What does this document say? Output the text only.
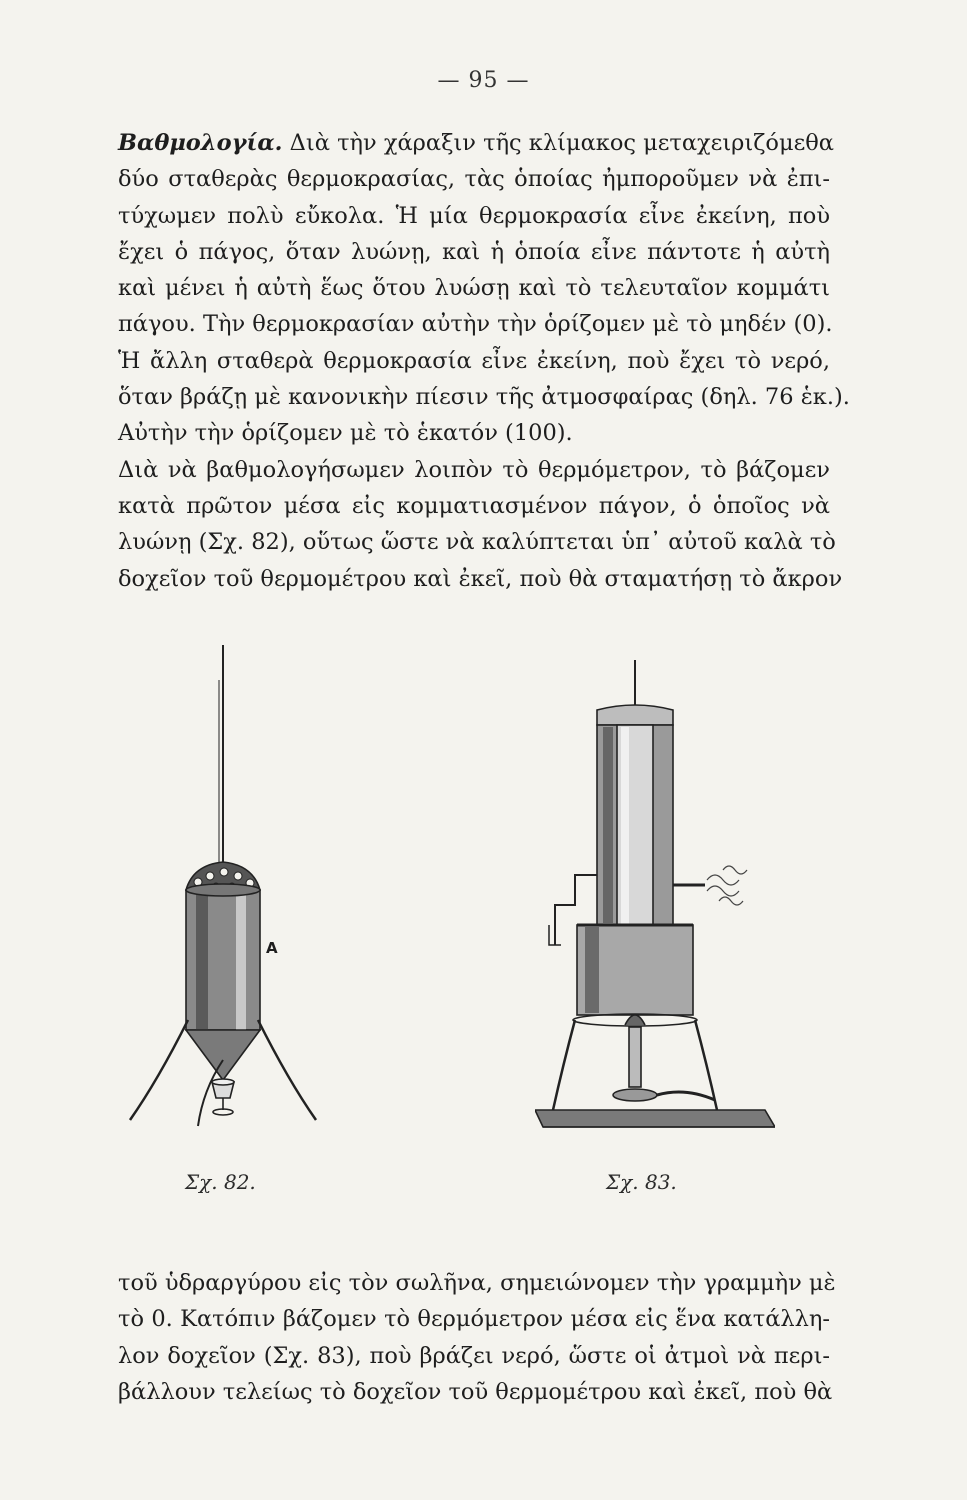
— 95 —
Βαθμολογία. Διὰ τὴν χάραξιν τῆς κλίμακος μεταχειριζόμεθα
δύο σταθερὰς θερμοκρασίας, τὰς ὁποίας ἠμποροῦμεν νὰ ἐπι-
τύχωμεν πολὺ εὔκολα. Ἡ μία θερμοκρασία εἶνε ἐκείνη, ποὺ
ἔχει ὁ πάγος, ὅταν λυώνῃ, καὶ ἡ ὁποία εἶνε πάντοτε ἡ αὐτὴ
καὶ μένει ἡ αὐτὴ ἕως ὅτου λυώσῃ καὶ τὸ τελευταῖον κομμάτι
πάγου. Τὴν θερμοκρασίαν αὐτὴν τὴν ὁρίζομεν μὲ τὸ μηδέν (0).
Ἡ ἄλλη σταθερὰ θερμοκρασία εἶνε ἐκείνη, ποὺ ἔχει τὸ νερό,
ὅταν βράζῃ μὲ κανονικὴν πίεσιν τῆς ἀτμοσφαίρας (δηλ. 76 ἑκ.).
Αὐτὴν τὴν ὁρίζομεν μὲ τὸ ἑκατόν (100).
Διὰ νὰ βαθμολογήσωμεν λοιπὸν τὸ θερμόμετρον, τὸ βάζομεν
κατὰ πρῶτον μέσα εἰς κομματιασμένον πάγον, ὁ ὁποῖος νὰ
λυώνῃ (Σχ. 82), οὕτως ὥστε νὰ καλύπτεται ὑπ᾿ αὐτοῦ καλὰ τὸ
δοχεῖον τοῦ θερμομέτρου καὶ ἐκεῖ, ποὺ θὰ σταματήσῃ τὸ ἄκρον
A
Σχ. 82.	Σχ. 83.
τοῦ ὑδραργύρου εἰς τὸν σωλῆνα, σημειώνομεν τὴν γραμμὴν μὲ
τὸ 0. Κατόπιν βάζομεν τὸ θερμόμετρον μέσα εἰς ἕνα κατάλλη-
λον δοχεῖον (Σχ. 83), ποὺ βράζει νερό, ὥστε οἱ ἀτμοὶ νὰ περι-
βάλλουν τελείως τὸ δοχεῖον τοῦ θερμομέτρου καὶ ἐκεῖ, ποὺ θὰ
